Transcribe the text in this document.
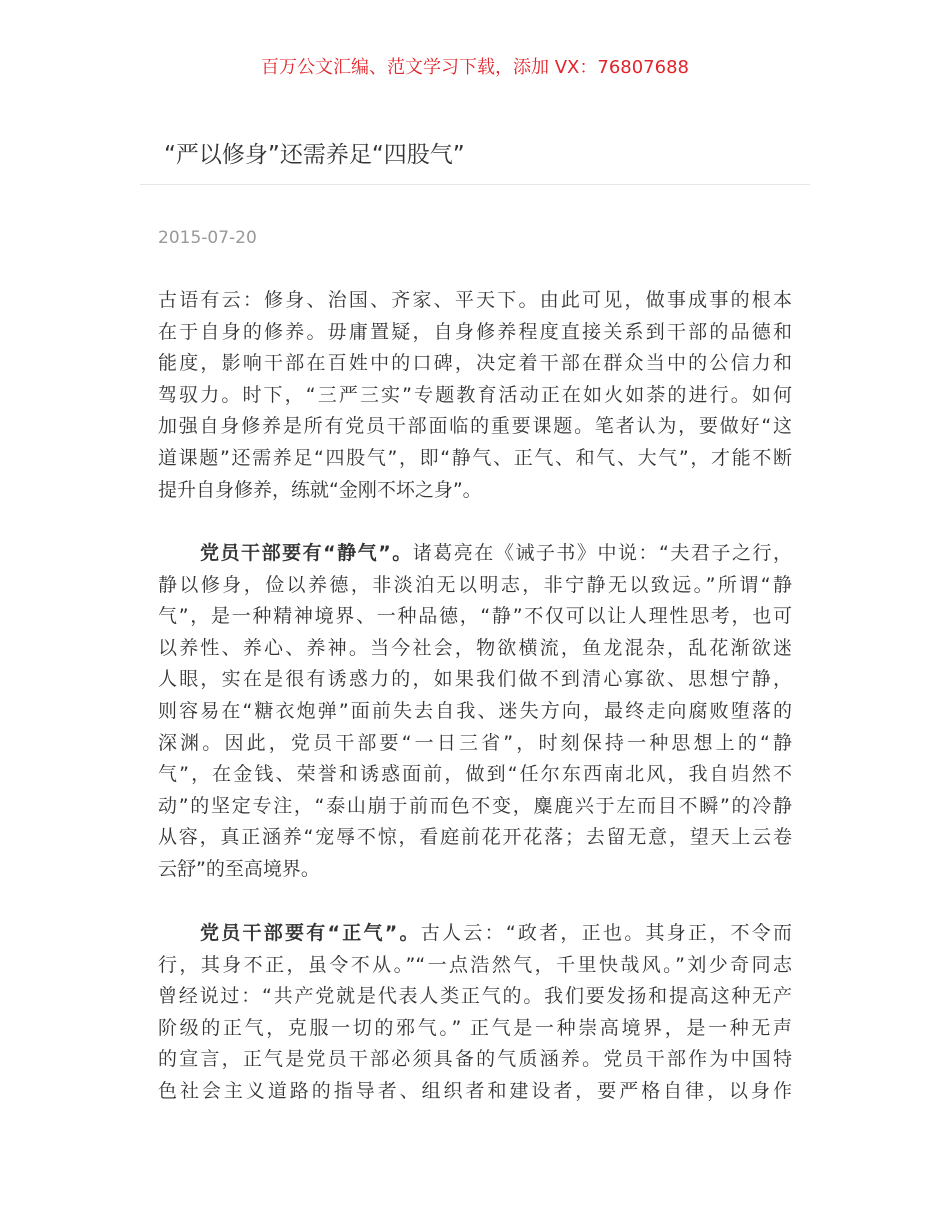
百万公文汇编、范文学习下载，添加 VX：76807688
“严以修身”还需养足“四股气”
2015-07-20
古语有云：修身、治国、齐家、平天下。由此可见，做事成事的根本
在于自身的修养。毋庸置疑，自身修养程度直接关系到干部的品德和
能度，影响干部在百姓中的口碑，决定着干部在群众当中的公信力和
驾驭力。时下，“三严三实”专题教育活动正在如火如荼的进行。如何
加强自身修养是所有党员干部面临的重要课题。笔者认为，要做好“这
道课题”还需养足“四股气”，即“静气、正气、和气、大气”，才能不断
提升自身修养，练就“金刚不坏之身”。
党员干部要有“静气”。诸葛亮在《诫子书》中说：“夫君子之行，
静以修身，俭以养德，非淡泊无以明志，非宁静无以致远。”所谓“静
气”，是一种精神境界、一种品德，“静”不仅可以让人理性思考，也可
以养性、养心、养神。当今社会，物欲横流，鱼龙混杂，乱花渐欲迷
人眼，实在是很有诱惑力的，如果我们做不到清心寡欲、思想宁静，
则容易在“糖衣炮弹”面前失去自我、迷失方向，最终走向腐败堕落的
深渊。因此，党员干部要“一日三省”，时刻保持一种思想上的“静
气”，在金钱、荣誉和诱惑面前，做到“任尔东西南北风，我自岿然不
动”的坚定专注，“泰山崩于前而色不变，麋鹿兴于左而目不瞬”的冷静
从容，真正涵养“宠辱不惊，看庭前花开花落；去留无意，望天上云卷
云舒”的至高境界。
党员干部要有“正气”。古人云：“政者，正也。其身正，不令而
行，其身不正，虽令不从。”“一点浩然气，千里快哉风。”刘少奇同志
曾经说过：“共产党就是代表人类正气的。我们要发扬和提高这种无产
阶级的正气，克服一切的邪气。” 正气是一种崇高境界，是一种无声
的宣言，正气是党员干部必须具备的气质涵养。党员干部作为中国特
色社会主义道路的指导者、组织者和建设者，要严格自律，以身作
